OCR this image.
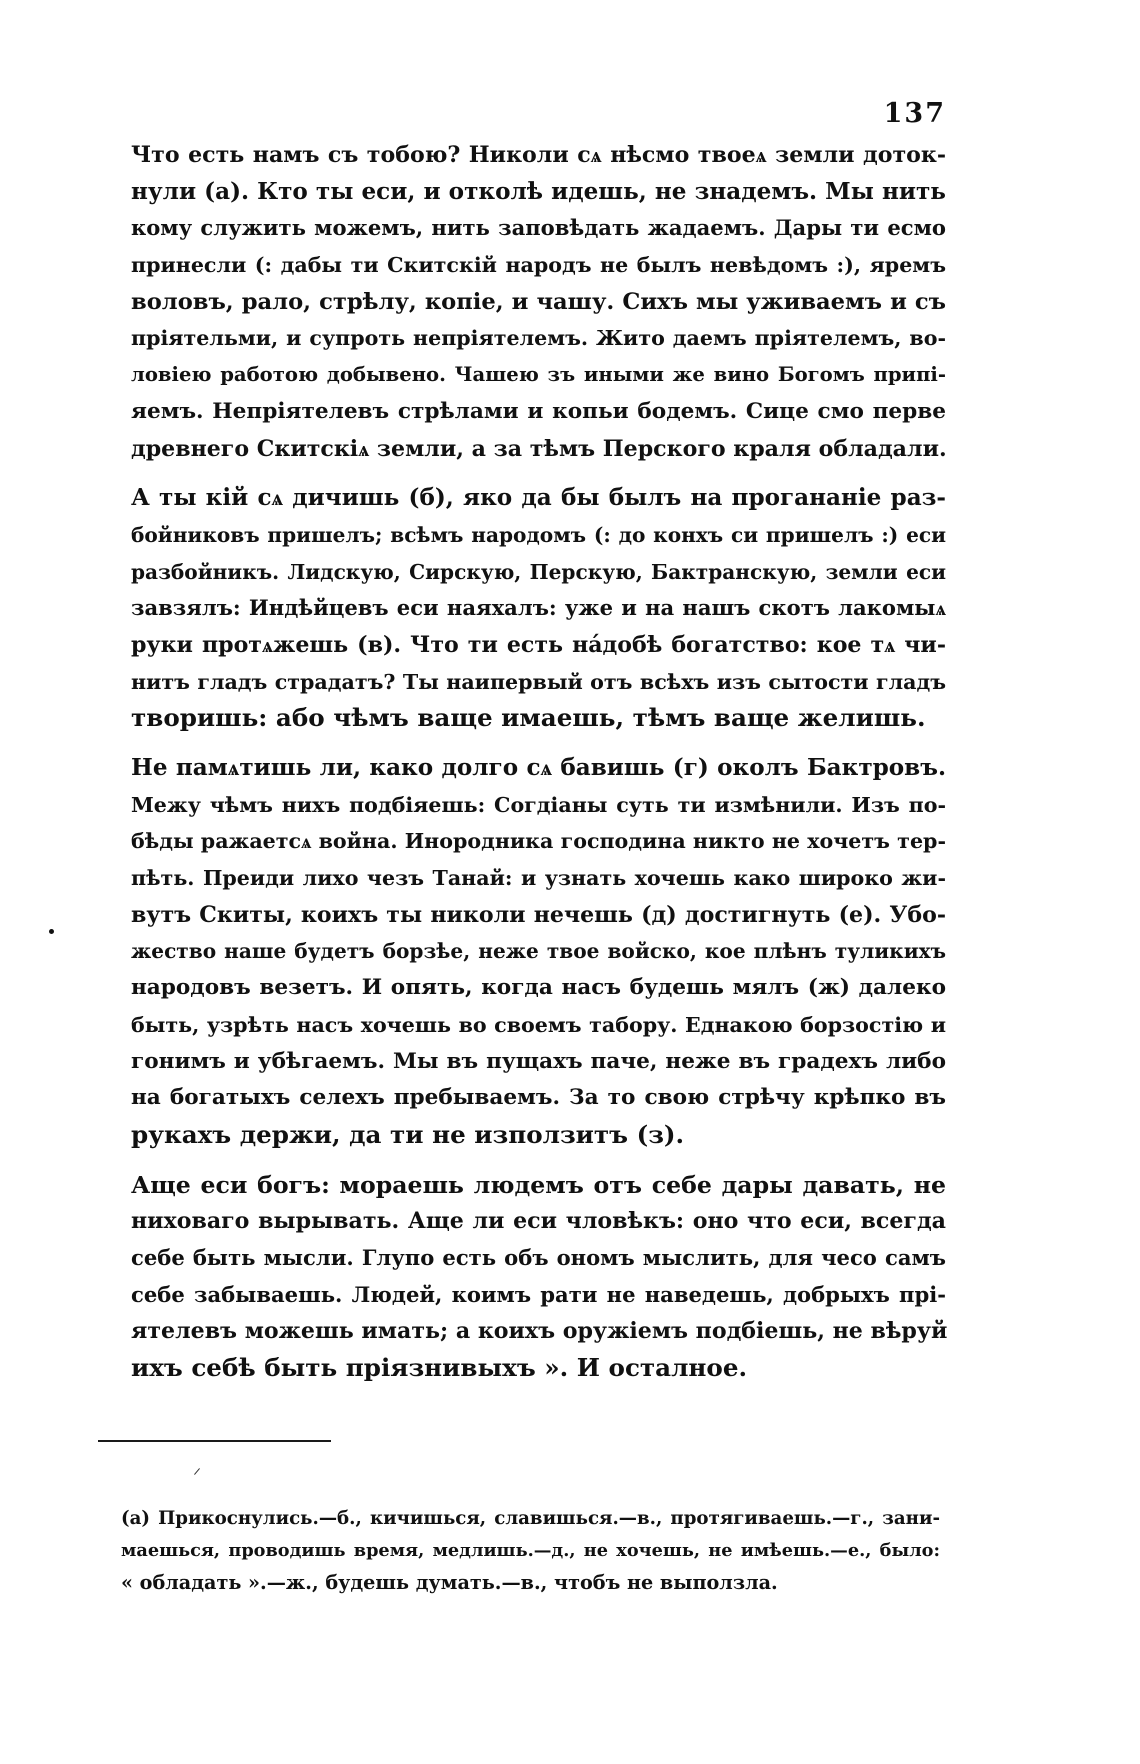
137
Что есть намъ съ тобою? Николи сѧ нѣсмо твоеѧ земли доток-
нули (а). Кто ты еси, и отколѣ идешь, не знадемъ. Мы нить
кому служить можемъ, нить заповѣдать жадаемъ. Дары ти есмо
принесли (: дабы ти Скитскій народъ не былъ невѣдомъ :), яремъ
воловъ, рало, стрѣлу, копіе, и чашу. Сихъ мы уживаемъ и съ
пріятельми, и супроть непріятелемъ. Жито даемъ пріятелемъ, во-
ловіею работою добывено. Чашею зъ иными же вино Богомъ припі-
яемъ. Непріятелевъ стрѣлами и копьи бодемъ. Сице смо перве
древнего Скитскіѧ земли, а за тѣмъ Перского краля обладали.
А ты кій сѧ дичишь (б), яко да бы былъ на прогананіе раз-
бойниковъ пришелъ; всѣмъ народомъ (: до конхъ си пришелъ :) еси
разбойникъ. Лидскую, Сирскую, Перскую, Бактранскую, земли еси
завзялъ: Индѣйцевъ еси наяхалъ: уже и на нашъ скотъ лакомыѧ
руки протѧжешь (в). Что ти есть на́добѣ богатство: кое тѧ чи-
нитъ гладъ страдатъ? Ты наипервый отъ всѣхъ изъ сытости гладъ
творишь: або чѣмъ ваще имаешь, тѣмъ ваще желишь.
Не памѧтишь ли, како долго сѧ бавишь (г) околъ Бактровъ.
Межу чѣмъ нихъ подбіяешь: Согдіаны суть ти измѣнили. Изъ по-
бѣды ражаетсѧ война. Инородника господина никто не хочетъ тер-
пѣть. Преиди лихо чезъ Танай: и узнать хочешь како широко жи-
вутъ Скиты, коихъ ты николи нечешь (д) достигнуть (е). Убо-
жество наше будетъ борзѣе, неже твое войско, кое плѣнъ туликихъ
народовъ везетъ. И опять, когда насъ будешь мялъ (ж) далеко
быть, узрѣть насъ хочешь во своемъ табору. Еднакою борзостію и
гонимъ и убѣгаемъ. Мы въ пущахъ паче, неже въ градехъ либо
на богатыхъ селехъ пребываемъ. За то свою стрѣчу крѣпко въ
рукахъ держи, да ти не използитъ (з).
Аще еси богъ: мораешь людемъ отъ себе дары давать, не
ниховаго вырывать. Аще ли еси чловѣкъ: оно что еси, всегда
себе быть мысли. Глупо есть объ ономъ мыслить, для чесо самъ
себе забываешь. Людей, коимъ рати не наведешь, добрыхъ прі-
ятелевъ можешь имать; а коихъ оружіемъ подбіешь, не вѣруй
ихъ себѣ быть пріязнивыхъ ». И осталное.
(а) Прикоснулись.—б., кичишься, славишься.—в., протягиваешь.—г., зани-
маешься, проводишь время, медлишь.—д., не хочешь, не имѣешь.—е., было:
« обладать ».—ж., будешь думать.—в., чтобъ не выползла.
